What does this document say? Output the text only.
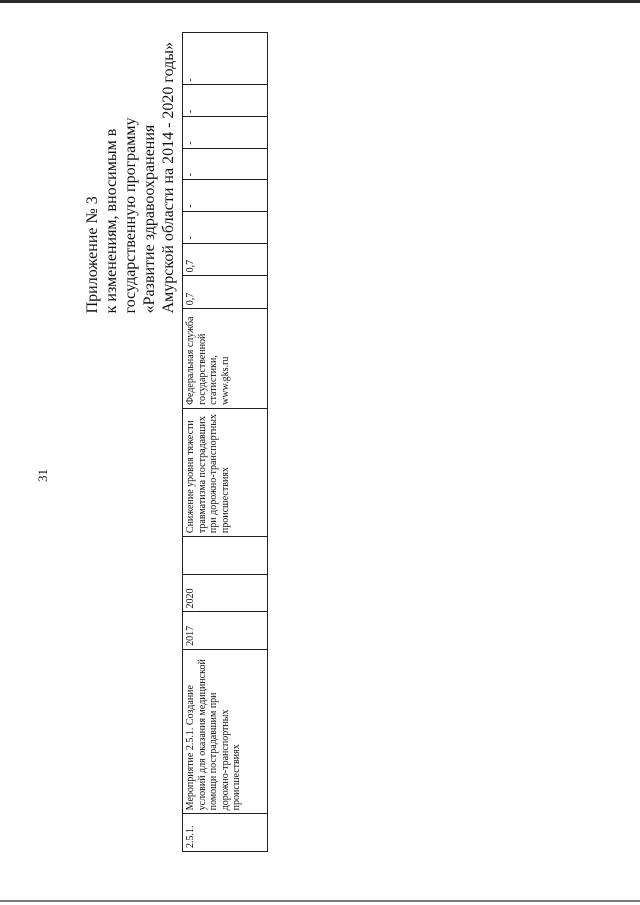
31
Приложение № 3 к изменениям, вносимым в государственную программу «Развитие здравоохранения Амурской области на 2014 - 2020 годы»
2.5.1.	Мероприятие 2.5.1. Создание условий для оказания медицинской помощи пострадавшим при дорожно-транспортных происшествиях	2017	2020		Снижение уровня тяжести травматизма пострадавших при дорожно-транспортных происшествиях	Федеральная служба государственной статистики, www.gks.ru	0,7	0,7	-	-	-	-	-	-
